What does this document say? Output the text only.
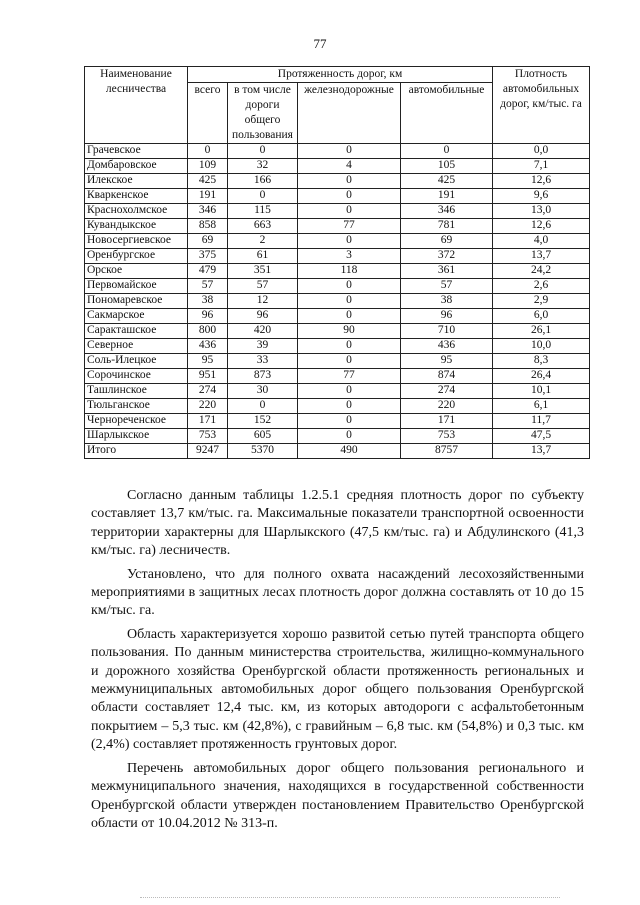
77
Наименование лесничества	Протяженность дорог, км				Плотность автомобильных дорог, км/тыс. га
	всего	в том числе дороги общего пользования	железнодорожные	автомобильные	
Грачевское	0	0	0	0	0,0
Домбаровское	109	32	4	105	7,1
Илекское	425	166	0	425	12,6
Кваркенское	191	0	0	191	9,6
Краснохолмское	346	115	0	346	13,0
Кувандыкское	858	663	77	781	12,6
Новосергиевское	69	2	0	69	4,0
Оренбургское	375	61	3	372	13,7
Орское	479	351	118	361	24,2
Первомайское	57	57	0	57	2,6
Пономаревское	38	12	0	38	2,9
Сакмарское	96	96	0	96	6,0
Саракташское	800	420	90	710	26,1
Северное	436	39	0	436	10,0
Соль-Илецкое	95	33	0	95	8,3
Сорочинское	951	873	77	874	26,4
Ташлинское	274	30	0	274	10,1
Тюльганское	220	0	0	220	6,1
Чернореченское	171	152	0	171	11,7
Шарлыкское	753	605	0	753	47,5
Итого	9247	5370	490	8757	13,7

Согласно данным таблицы 1.2.5.1 средняя плотность дорог по субъекту составляет 13,7 км/тыс. га. Максимальные показатели транспортной освоенности территории характерны для Шарлыкского (47,5 км/тыс. га) и Абдулинского (41,3 км/тыс. га) лесничеств.

Установлено, что для полного охвата насаждений лесохозяйственными мероприятиями в защитных лесах плотность дорог должна составлять от 10 до 15 км/тыс. га.

Область характеризуется хорошо развитой сетью путей транспорта общего пользования. По данным министерства строительства, жилищно-коммунального и дорожного хозяйства Оренбургской области протяженность региональных и межмуниципальных автомобильных дорог общего пользования Оренбургской области составляет 12,4 тыс. км, из которых автодороги с асфальтобетонным покрытием – 5,3 тыс. км (42,8%), с гравийным – 6,8 тыс. км (54,8%) и 0,3 тыс. км (2,4%) составляет протяженность грунтовых дорог.

Перечень автомобильных дорог общего пользования регионального и межмуниципального значения, находящихся в государственной собственности Оренбургской области утвержден постановлением Правительство Оренбургской области от 10.04.2012 № 313-п.
